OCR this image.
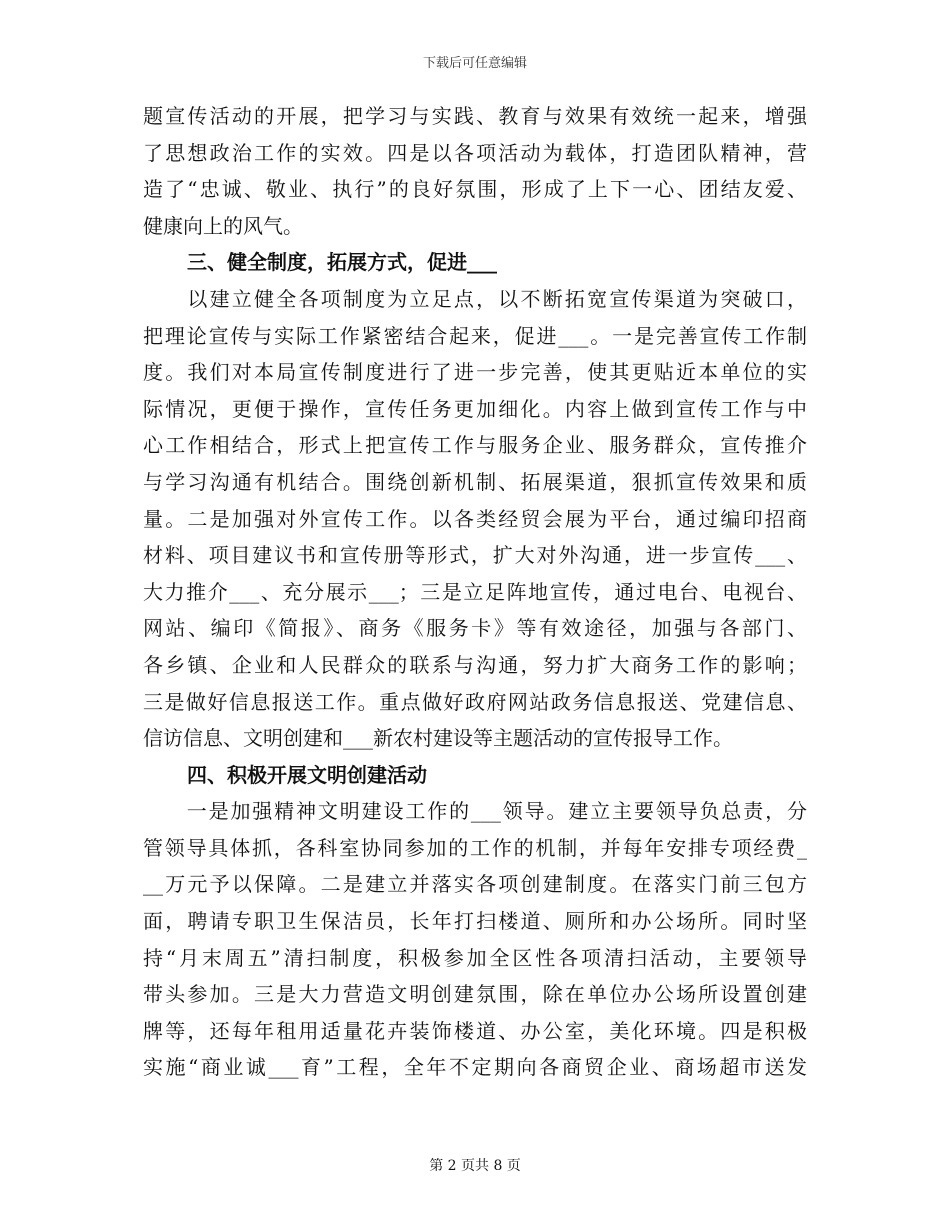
下载后可任意编辑
题宣传活动的开展，把学习与实践、教育与效果有效统一起来，增强
了思想政治工作的实效。四是以各项活动为载体，打造团队精神，营
造了“忠诚、敬业、执行”的良好氛围，形成了上下一心、团结友爱、
健康向上的风气。
三、健全制度，拓展方式，促进___
　　以建立健全各项制度为立足点，以不断拓宽宣传渠道为突破口，
把理论宣传与实际工作紧密结合起来，促进___。一是完善宣传工作制
度。我们对本局宣传制度进行了进一步完善，使其更贴近本单位的实
际情况，更便于操作，宣传任务更加细化。内容上做到宣传工作与中
心工作相结合，形式上把宣传工作与服务企业、服务群众，宣传推介
与学习沟通有机结合。围绕创新机制、拓展渠道，狠抓宣传效果和质
量。二是加强对外宣传工作。以各类经贸会展为平台，通过编印招商
材料、项目建议书和宣传册等形式，扩大对外沟通，进一步宣传___、
大力推介___、充分展示___；三是立足阵地宣传，通过电台、电视台、
网站、编印《简报》、商务《服务卡》等有效途径，加强与各部门、
各乡镇、企业和人民群众的联系与沟通，努力扩大商务工作的影响；
三是做好信息报送工作。重点做好政府网站政务信息报送、党建信息、
信访信息、文明创建和___新农村建设等主题活动的宣传报导工作。
四、积极开展文明创建活动
　　一是加强精神文明建设工作的___领导。建立主要领导负总责，分
管领导具体抓，各科室协同参加的工作的机制，并每年安排专项经费_
__万元予以保障。二是建立并落实各项创建制度。在落实门前三包方
面，聘请专职卫生保洁员，长年打扫楼道、厕所和办公场所。同时坚
持“月末周五”清扫制度，积极参加全区性各项清扫活动，主要领导
带头参加。三是大力营造文明创建氛围，除在单位办公场所设置创建
牌等，还每年租用适量花卉装饰楼道、办公室，美化环境。四是积极
实施“商业诚___育”工程，全年不定期向各商贸企业、商场超市送发
第 2 页共 8 页
